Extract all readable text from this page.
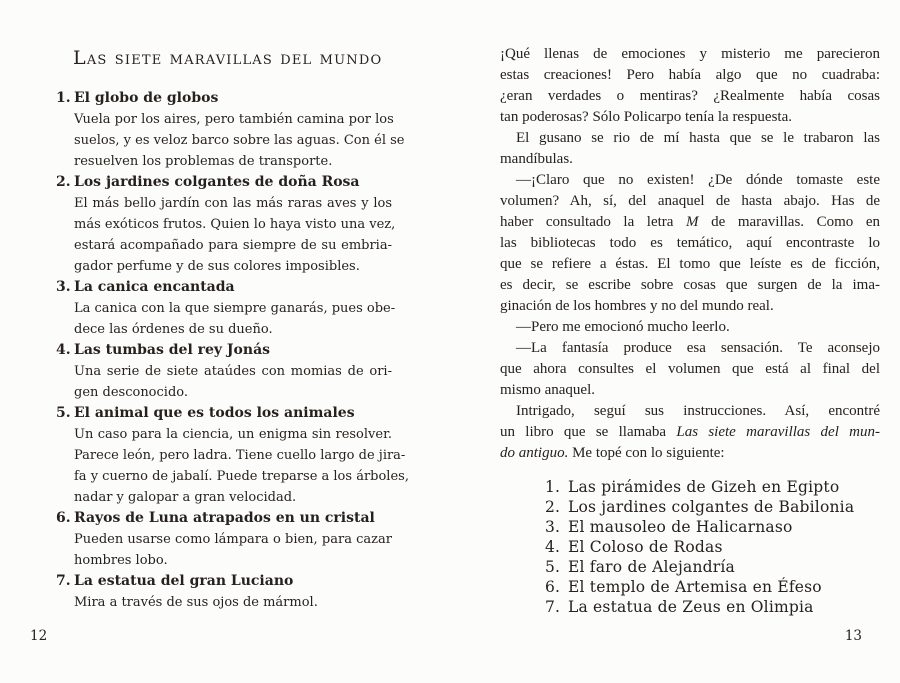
Las siete maravillas del mundo
1. El globo de globos
Vuela por los aires, pero también camina por los
suelos, y es veloz barco sobre las aguas. Con él se
resuelven los problemas de transporte.
2. Los jardines colgantes de doña Rosa
El más bello jardín con las más raras aves y los
más exóticos frutos. Quien lo haya visto una vez,
estará acompañado para siempre de su embria-
gador perfume y de sus colores imposibles.
3. La canica encantada
La canica con la que siempre ganarás, pues obe-
dece las órdenes de su dueño.
4. Las tumbas del rey Jonás
Una serie de siete ataúdes con momias de ori-
gen desconocido.
5. El animal que es todos los animales
Un caso para la ciencia, un enigma sin resolver.
Parece león, pero ladra. Tiene cuello largo de jira-
fa y cuerno de jabalí. Puede treparse a los árboles,
nadar y galopar a gran velocidad.
6. Rayos de Luna atrapados en un cristal
Pueden usarse como lámpara o bien, para cazar
hombres lobo.
7. La estatua del gran Luciano
Mira a través de sus ojos de mármol.
¡Qué llenas de emociones y misterio me parecieron
estas creaciones! Pero había algo que no cuadraba:
¿eran verdades o mentiras? ¿Realmente había cosas
tan poderosas? Sólo Policarpo tenía la respuesta.
El gusano se rio de mí hasta que se le trabaron las
mandíbulas.
—¡Claro que no existen! ¿De dónde tomaste este
volumen? Ah, sí, del anaquel de hasta abajo. Has de
haber consultado la letra M de maravillas. Como en
las bibliotecas todo es temático, aquí encontraste lo
que se refiere a éstas. El tomo que leíste es de ficción,
es decir, se escribe sobre cosas que surgen de la ima-
ginación de los hombres y no del mundo real.
—Pero me emocionó mucho leerlo.
—La fantasía produce esa sensación. Te aconsejo
que ahora consultes el volumen que está al final del
mismo anaquel.
Intrigado, seguí sus instrucciones. Así, encontré
un libro que se llamaba Las siete maravillas del mun-
do antiguo. Me topé con lo siguiente:
1. Las pirámides de Gizeh en Egipto
2. Los jardines colgantes de Babilonia
3. El mausoleo de Halicarnaso
4. El Coloso de Rodas
5. El faro de Alejandría
6. El templo de Artemisa en Éfeso
7. La estatua de Zeus en Olimpia
12	13
